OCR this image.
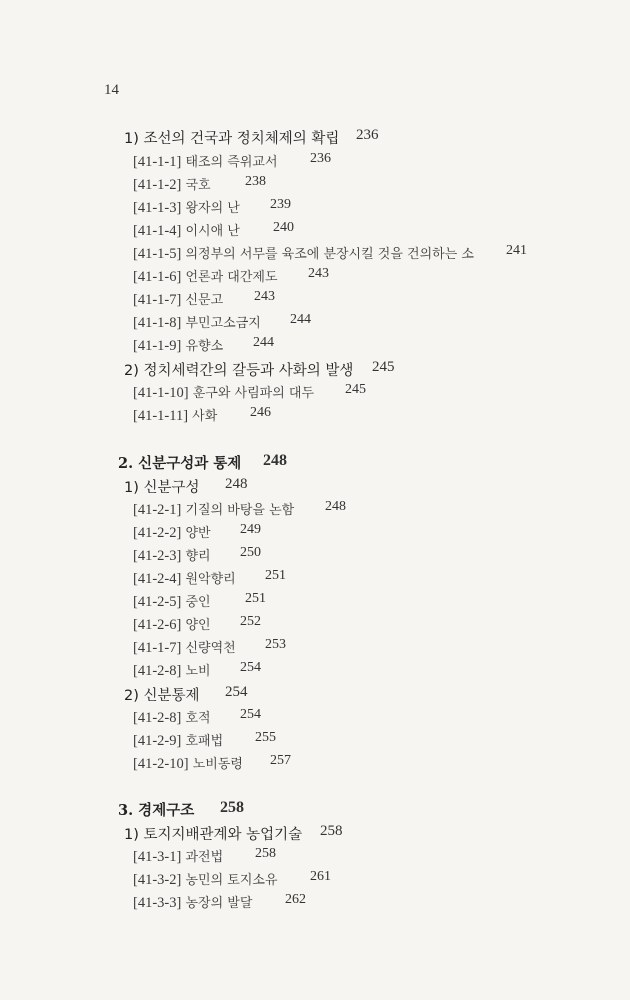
14
1) 조선의 건국과 정치체제의 확립 236
[41-1-1] 태조의 즉위교서 236
[41-1-2] 국호 238
[41-1-3] 왕자의 난 239
[41-1-4] 이시애 난 240
[41-1-5] 의정부의 서무를 육조에 분장시킬 것을 건의하는 소 241
[41-1-6] 언론과 대간제도 243
[41-1-7] 신문고 243
[41-1-8] 부민고소금지 244
[41-1-9] 유향소 244
2) 정치세력간의 갈등과 사화의 발생 245
[41-1-10] 훈구와 사림파의 대두 245
[41-1-11] 사화 246
2. 신분구성과 통제 248
1) 신분구성 248
[41-2-1] 기질의 바탕을 논함 248
[41-2-2] 양반 249
[41-2-3] 향리 250
[41-2-4] 원악향리 251
[41-2-5] 중인 251
[41-2-6] 양인 252
[41-1-7] 신량역천 253
[41-2-8] 노비 254
2) 신분통제 254
[41-2-8] 호적 254
[41-2-9] 호패법 255
[41-2-10] 노비동령 257
3. 경제구조 258
1) 토지지배관계와 농업기술 258
[41-3-1] 과전법 258
[41-3-2] 농민의 토지소유 261
[41-3-3] 농장의 발달 262
